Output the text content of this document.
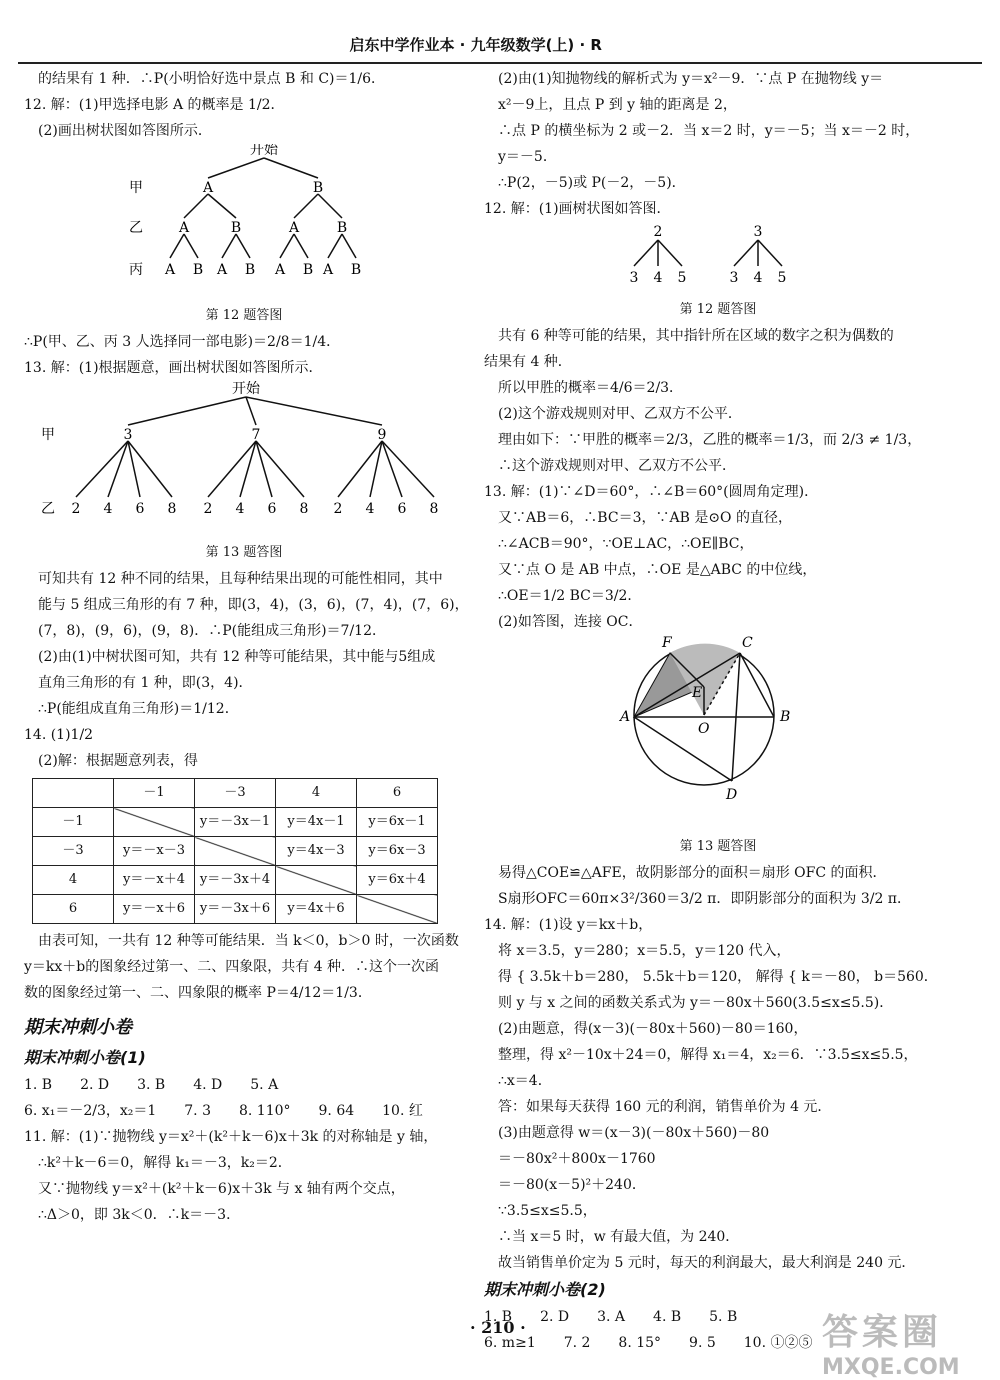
启东中学作业本 · 九年级数学(上) · R
的结果有 1 种．∴P(小明恰好选中景点 B 和 C)＝1/6．
12. 解：(1)甲选择电影 A 的概率是 1/2．
(2)画出树状图如答图所示．
开始
甲
乙
丙
A	B
A	B	A	B
A B A B A B A B
第 12 题答图
∴P(甲、乙、丙 3 人选择同一部电影)＝2/8＝1/4．
13. 解：(1)根据题意，画出树状图如答图所示．
开始
甲
乙
3	7	9
2 4 6 8 2 4 6 8 2 4 6 8
第 13 题答图
可知共有 12 种不同的结果，且每种结果出现的可能性相同，其中
能与 5 组成三角形的有 7 种，即(3，4)，(3，6)，(7，4)，(7，6)，
(7，8)，(9，6)，(9，8)．∴P(能组成三角形)＝7/12．
(2)由(1)中树状图可知，共有 12 种等可能结果，其中能与5组成
直角三角形的有 1 种，即(3，4)．
∴P(能组成直角三角形)＝1/12．
14. (1)1/2
(2)解：根据题意列表，得
	－1	－3	4	6
－1		y＝－3x－1	y＝4x－1	y＝6x－1
－3	y＝－x－3		y＝4x－3	y＝6x－3
4	y＝－x＋4	y＝－3x＋4		y＝6x＋4
6	y＝－x＋6	y＝－3x＋6	y＝4x＋6	
由表可知，一共有 12 种等可能结果．当 k＜0，b＞0 时，一次函数
y＝kx＋b的图象经过第一、二、四象限，共有 4 种．∴这个一次函
数的图象经过第一、二、四象限的概率 P＝4/12＝1/3．
期末冲刺小卷
期末冲刺小卷(1)
1. B　　2. D　　3. B　　4. D　　5. A
6. x₁＝－2/3，x₂＝1　　7. 3　　8. 110°　　9. 64　　10. 红
11. 解：(1)∵抛物线 y＝x²＋(k²＋k－6)x＋3k 的对称轴是 y 轴，
∴k²＋k－6＝0，解得 k₁＝－3，k₂＝2．
又∵抛物线 y＝x²＋(k²＋k－6)x＋3k 与 x 轴有两个交点，
∴Δ＞0，即 3k＜0．∴k＝－3．
(2)由(1)知抛物线的解析式为 y＝x²－9．∵点 P 在抛物线 y＝
x²－9上，且点 P 到 y 轴的距离是 2，
∴点 P 的横坐标为 2 或－2．当 x＝2 时，y＝－5；当 x＝－2 时，
y＝－5．
∴P(2，－5)或 P(－2，－5)．
12. 解：(1)画树状图如答图．
2	3
3 4 5	3 4 5
第 12 题答图
共有 6 种等可能的结果，其中指针所在区域的数字之积为偶数的
结果有 4 种．
所以甲胜的概率＝4/6＝2/3．
(2)这个游戏规则对甲、乙双方不公平．
理由如下：∵甲胜的概率＝2/3，乙胜的概率＝1/3，而 2/3 ≠ 1/3，
∴这个游戏规则对甲、乙双方不公平．
13. 解：(1)∵∠D＝60°，∴∠B＝60°(圆周角定理)．
又∵AB＝6，∴BC＝3，∵AB 是⊙O 的直径，
∴∠ACB＝90°，∵OE⊥AC，∴OE∥BC，
又∵点 O 是 AB 中点，∴OE 是△ABC 的中位线，
∴OE＝1/2 BC＝3/2．
(2)如答图，连接 OC．
F	C
E
A
O
B
D
第 13 题答图
易得△COE≌△AFE，故阴影部分的面积＝扇形 OFC 的面积．
S扇形OFC＝60π×3²/360＝3/2 π．即阴影部分的面积为 3/2 π．
14. 解：(1)设 y＝kx＋b，
将 x＝3.5，y＝280；x＝5.5，y＝120 代入，
得 { 3.5k＋b＝280， 5.5k＋b＝120， 解得 { k＝－80， b＝560．
则 y 与 x 之间的函数关系式为 y＝－80x＋560(3.5≤x≤5.5)．
(2)由题意，得(x－3)(－80x＋560)－80＝160，
整理，得 x²－10x＋24＝0，解得 x₁＝4，x₂＝6．∵3.5≤x≤5.5，
∴x＝4．
答：如果每天获得 160 元的利润，销售单价为 4 元．
(3)由题意得 w＝(x－3)(－80x＋560)－80
＝－80x²＋800x－1760
＝－80(x－5)²＋240．
∵3.5≤x≤5.5，
∴当 x＝5 时，w 有最大值，为 240．
故当销售单价定为 5 元时，每天的利润最大，最大利润是 240 元．
期末冲刺小卷(2)
1. B　　2. D　　3. A　　4. B　　5. B
6. m≥1　　7. 2　　8. 15°　　9. 5　　10. ①②⑤
· 210 ·	答案圈
MXQE.COM
